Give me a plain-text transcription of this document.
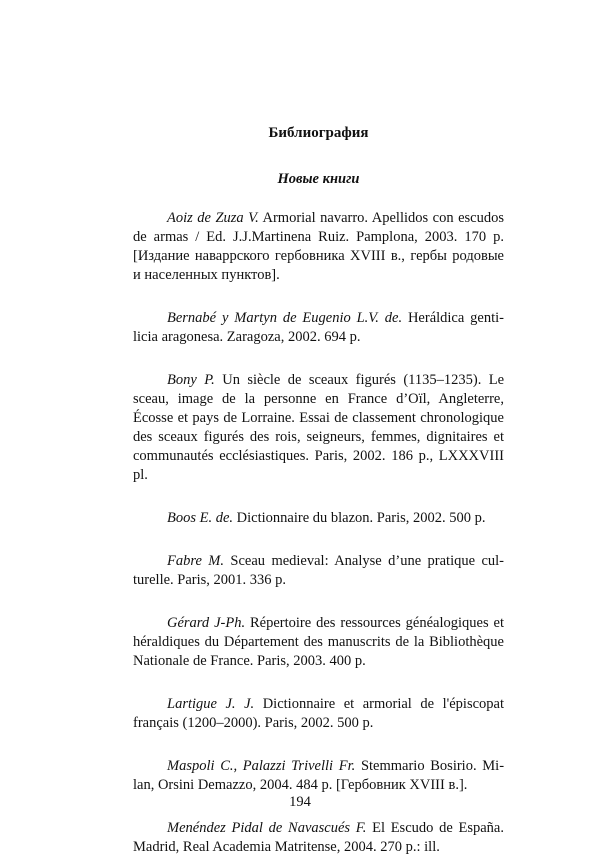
Библиография
Новые книги

Aoiz de Zuza V. Armorial navarro. Apellidos con escudos de armas / Ed. J.J.Martinena Ruiz. Pamplona, 2003. 170 p. [Издание наваррского гербовника XVIII в., гербы родовые и населенных пунктов].

Bernabé y Martyn de Eugenio L.V. de. Heráldica gentilicia aragonesa. Zaragoza, 2002. 694 p.

Bony P. Un siècle de sceaux figurés (1135–1235). Le sceau, image de la personne en France d’Oïl, Angleterre, Écosse et pays de Lorraine. Essai de classement chronologique des sceaux figurés des rois, seigneurs, femmes, dignitaires et communautés ecclésiastiques. Paris, 2002. 186 p., LXXXVIII pl.

Boos E. de. Dictionnaire du blazon. Paris, 2002. 500 p.

Fabre M. Sceau medieval: Analyse d’une pratique culturelle. Paris, 2001. 336 p.

Gérard J-Ph. Répertoire des ressources généalogiques et héraldiques du Département des manuscrits de la Bibliothèque Nationale de France. Paris, 2003. 400 p.

Lartigue J. J. Dictionnaire et armorial de l'épiscopat français (1200–2000). Paris, 2002. 500 p.

Maspoli C., Palazzi Trivelli Fr. Stemmario Bosirio. Milan, Orsini Demazzo, 2004. 484 p. [Гербовник XVIII в.].

Menéndez Pidal de Navascués F. El Escudo de España. Madrid, Real Academia Matritense, 2004. 270 p.: ill.

194
